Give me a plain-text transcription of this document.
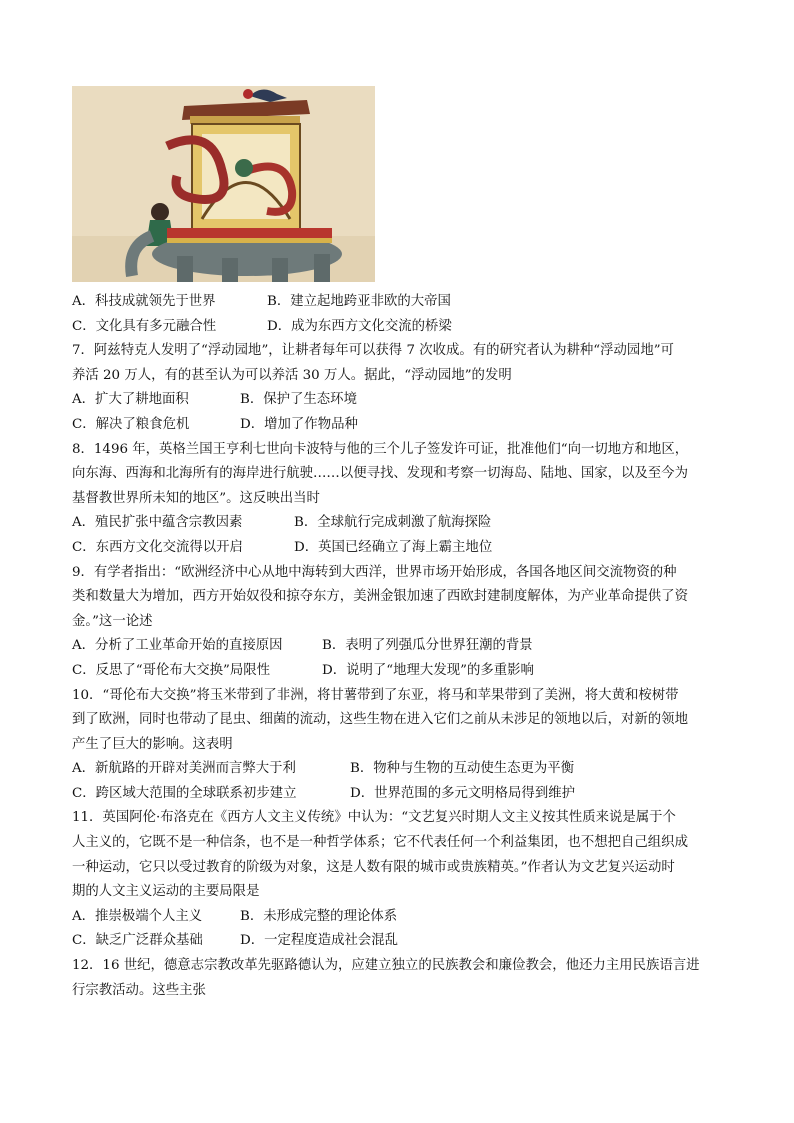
A．科技成就领先于世界	B．建立起地跨亚非欧的大帝国
C．文化具有多元融合性	D．成为东西方文化交流的桥梁
7．阿兹特克人发明了“浮动园地”，让耕者每年可以获得 7 次收成。有的研究者认为耕种“浮动园地”可
养活 20 万人，有的甚至认为可以养活 30 万人。据此，“浮动园地”的发明
A．扩大了耕地面积	B．保护了生态环境
C．解决了粮食危机	D．增加了作物品种
8．1496 年，英格兰国王亨利七世向卡波特与他的三个儿子签发许可证，批准他们“向一切地方和地区，
向东海、西海和北海所有的海岸进行航驶……以便寻找、发现和考察一切海岛、陆地、国家，以及至今为
基督教世界所未知的地区”。这反映出当时
A．殖民扩张中蕴含宗教因素	B．全球航行完成刺激了航海探险
C．东西方文化交流得以开启	D．英国已经确立了海上霸主地位
9．有学者指出：“欧洲经济中心从地中海转到大西洋，世界市场开始形成，各国各地区间交流物资的种
类和数量大为增加，西方开始奴役和掠夺东方，美洲金银加速了西欧封建制度解体，为产业革命提供了资
金。”这一论述
A．分析了工业革命开始的直接原因	B．表明了列强瓜分世界狂潮的背景
C．反思了“哥伦布大交换”局限性	D．说明了“地理大发现”的多重影响
10．“哥伦布大交换”将玉米带到了非洲，将甘薯带到了东亚，将马和苹果带到了美洲，将大黄和桉树带
到了欧洲，同时也带动了昆虫、细菌的流动，这些生物在进入它们之前从未涉足的领地以后，对新的领地
产生了巨大的影响。这表明
A．新航路的开辟对美洲而言弊大于利	B．物种与生物的互动使生态更为平衡
C．跨区域大范围的全球联系初步建立	D．世界范围的多元文明格局得到维护
11．英国阿伦·布洛克在《西方人文主义传统》中认为：“文艺复兴时期人文主义按其性质来说是属于个
人主义的，它既不是一种信条，也不是一种哲学体系；它不代表任何一个利益集团，也不想把自己组织成
一种运动，它只以受过教育的阶级为对象，这是人数有限的城市或贵族精英。”作者认为文艺复兴运动时
期的人文主义运动的主要局限是
A．推崇极端个人主义	B．未形成完整的理论体系
C．缺乏广泛群众基础	D．一定程度造成社会混乱
12．16 世纪，德意志宗教改革先驱路德认为，应建立独立的民族教会和廉俭教会，他还力主用民族语言进
行宗教活动。这些主张
